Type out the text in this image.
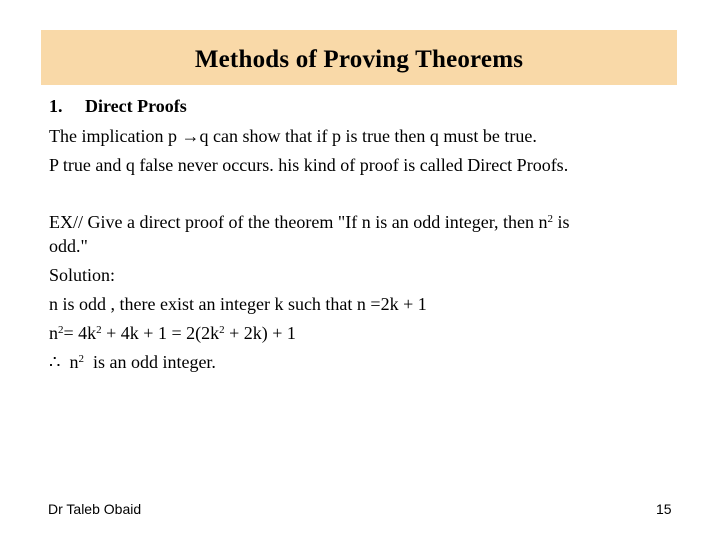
Methods of Proving Theorems
1. Direct Proofs
The implication p →q can show that if p is true then q must be true.
P true and q false never occurs. his kind of proof is called Direct Proofs.
EX// Give a direct proof of the theorem "If n is an odd integer, then $n^2$ is
odd."
Solution:
n is odd , there exist an integer k such that n =2k + 1
$n^2= 4k^2 + 4k + 1 = 2(2k^2 + 2k) + 1$
∴ $n^2$  is an odd integer.
Dr Taleb Obaid	15
